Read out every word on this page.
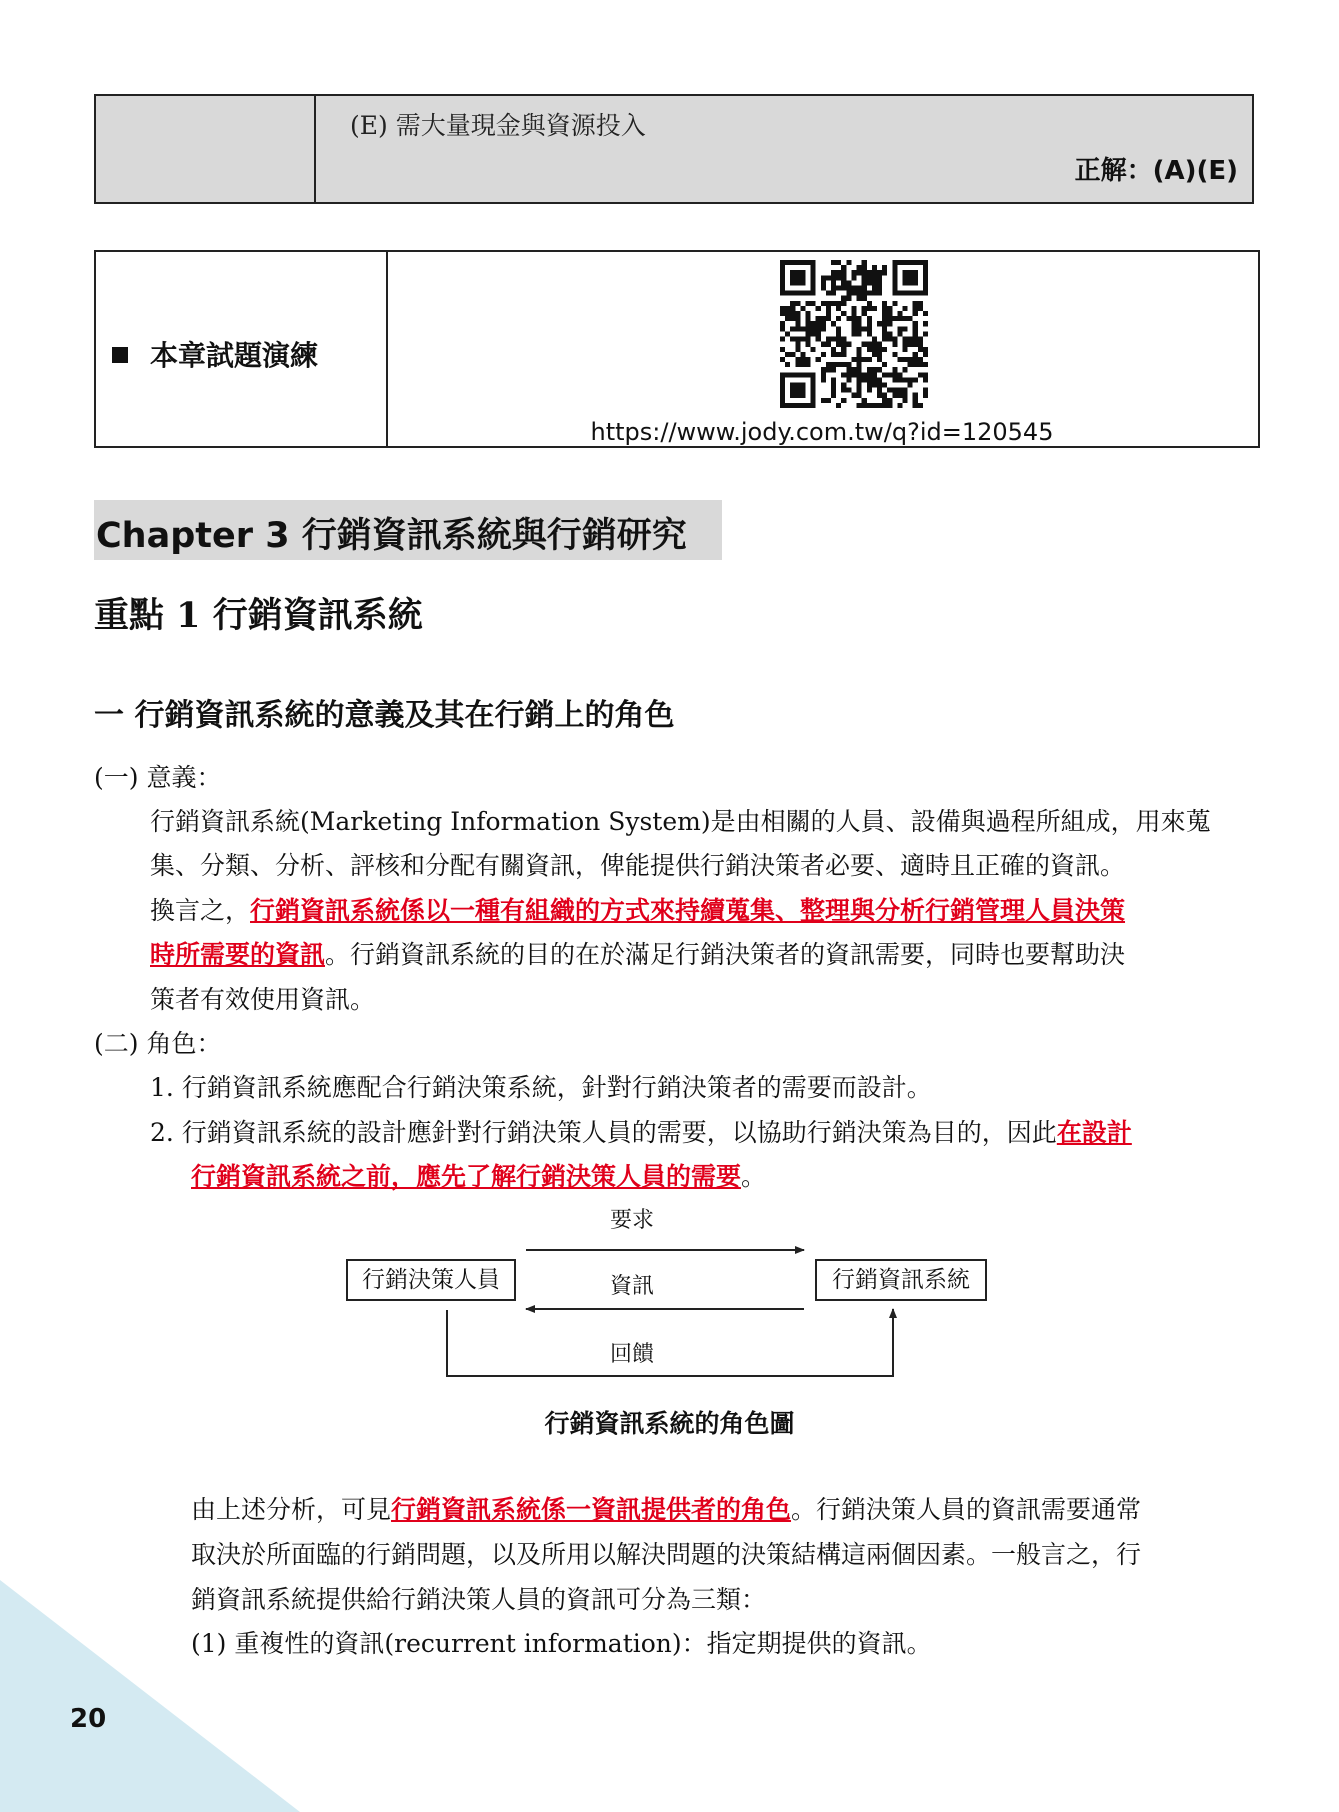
(E) 需大量現金與資源投入
正解：(A)(E)
本章試題演練
https://www.jody.com.tw/q?id=120545
Chapter 3 行銷資訊系統與行銷研究
重點 1 行銷資訊系統
一 行銷資訊系統的意義及其在行銷上的角色
(一) 意義：
行銷資訊系統(Marketing Information System)是由相關的人員、設備與過程所組成，用來蒐
集、分類、分析、評核和分配有關資訊，俾能提供行銷決策者必要、適時且正確的資訊。
換言之，行銷資訊系統係以一種有組織的方式來持續蒐集、整理與分析行銷管理人員決策
時所需要的資訊。行銷資訊系統的目的在於滿足行銷決策者的資訊需要，同時也要幫助決
策者有效使用資訊。
(二) 角色：
1. 行銷資訊系統應配合行銷決策系統，針對行銷決策者的需要而設計。
2. 行銷資訊系統的設計應針對行銷決策人員的需要，以協助行銷決策為目的，因此在設計
行銷資訊系統之前，應先了解行銷決策人員的需要。
行銷決策人員	行銷資訊系統
要求
資訊
回饋
行銷資訊系統的角色圖
由上述分析，可見行銷資訊系統係一資訊提供者的角色。行銷決策人員的資訊需要通常
取決於所面臨的行銷問題，以及所用以解決問題的決策結構這兩個因素。一般言之，行
銷資訊系統提供給行銷決策人員的資訊可分為三類：
(1) 重複性的資訊(recurrent information)：指定期提供的資訊。
20
